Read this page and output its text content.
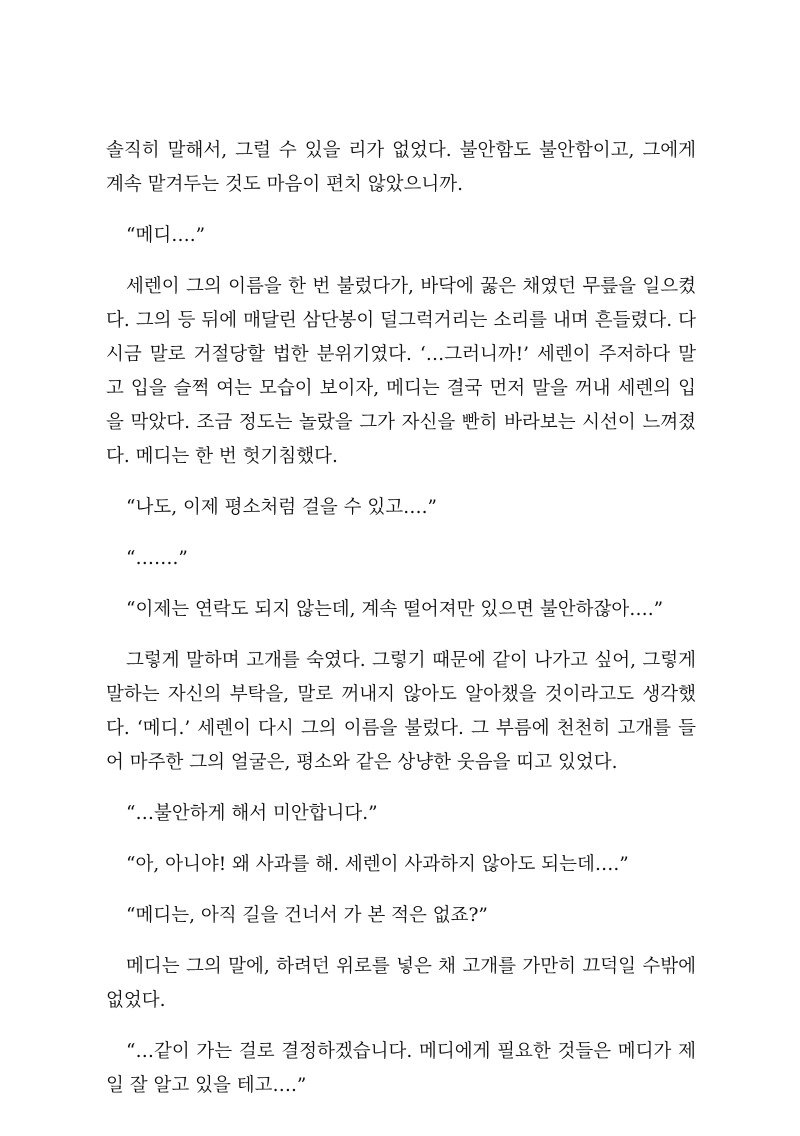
솔직히 말해서, 그럴 수 있을 리가 없었다. 불안함도 불안함이고, 그에게 계속 맡겨두는 것도 마음이 편치 않았으니까.

“메디….”

세렌이 그의 이름을 한 번 불렀다가, 바닥에 꿇은 채였던 무릎을 일으켰다. 그의 등 뒤에 매달린 삼단봉이 덜그럭거리는 소리를 내며 흔들렸다. 다시금 말로 거절당할 법한 분위기였다. ‘…그러니까!’ 세렌이 주저하다 말고 입을 슬쩍 여는 모습이 보이자, 메디는 결국 먼저 말을 꺼내 세렌의 입을 막았다. 조금 정도는 놀랐을 그가 자신을 빤히 바라보는 시선이 느껴졌다. 메디는 한 번 헛기침했다.

“나도, 이제 평소처럼 걸을 수 있고….”

“…….”

“이제는 연락도 되지 않는데, 계속 떨어져만 있으면 불안하잖아….”

그렇게 말하며 고개를 숙였다. 그렇기 때문에 같이 나가고 싶어, 그렇게 말하는 자신의 부탁을, 말로 꺼내지 않아도 알아챘을 것이라고도 생각했다. ‘메디.’ 세렌이 다시 그의 이름을 불렀다. 그 부름에 천천히 고개를 들어 마주한 그의 얼굴은, 평소와 같은 상냥한 웃음을 띠고 있었다.

“…불안하게 해서 미안합니다.”

“아, 아니야! 왜 사과를 해. 세렌이 사과하지 않아도 되는데….”

“메디는, 아직 길을 건너서 가 본 적은 없죠?”

메디는 그의 말에, 하려던 위로를 넣은 채 고개를 가만히 끄덕일 수밖에 없었다.

“…같이 가는 걸로 결정하겠습니다. 메디에게 필요한 것들은 메디가 제일 잘 알고 있을 테고….”
